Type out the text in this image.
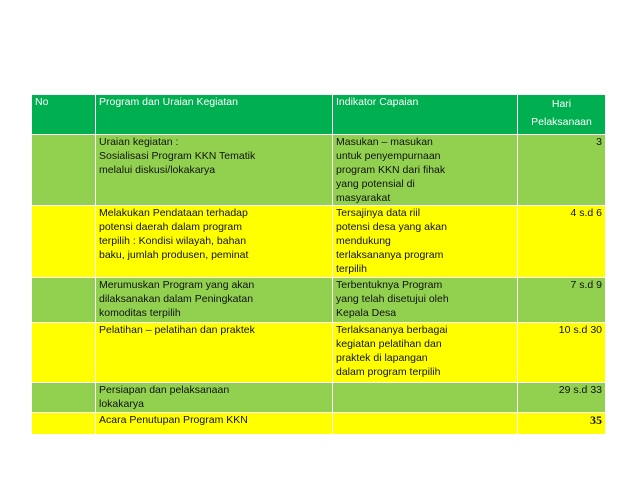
No	Program dan Uraian Kegiatan	Indikator Capaian	Hari
Pelaksanaan

	Uraian kegiatan :
Sosialisasi Program KKN Tematik
melalui diskusi/lokakarya	Masukan – masukan
untuk penyempurnaan
program KKN dari fihak
yang potensial di
masyarakat	3

	Melakukan Pendataan terhadap
potensi daerah dalam program
terpilih : Kondisi wilayah, bahan
baku, jumlah produsen, peminat	Tersajinya data riil
potensi desa yang akan
mendukung
terlaksananya program
terpilih	4 s.d 6

	Merumuskan Program yang akan
dilaksanakan dalam Peningkatan
komoditas terpilih	Terbentuknya Program
yang telah disetujui oleh
Kepala Desa	7 s.d 9

	Pelatihan – pelatihan dan praktek	Terlaksananya berbagai
kegiatan pelatihan dan
praktek di lapangan
dalam program terpilih	10 s.d 30

	Persiapan dan pelaksanaan
lokakarya		29 s.d 33

	Acara Penutupan Program KKN		35
